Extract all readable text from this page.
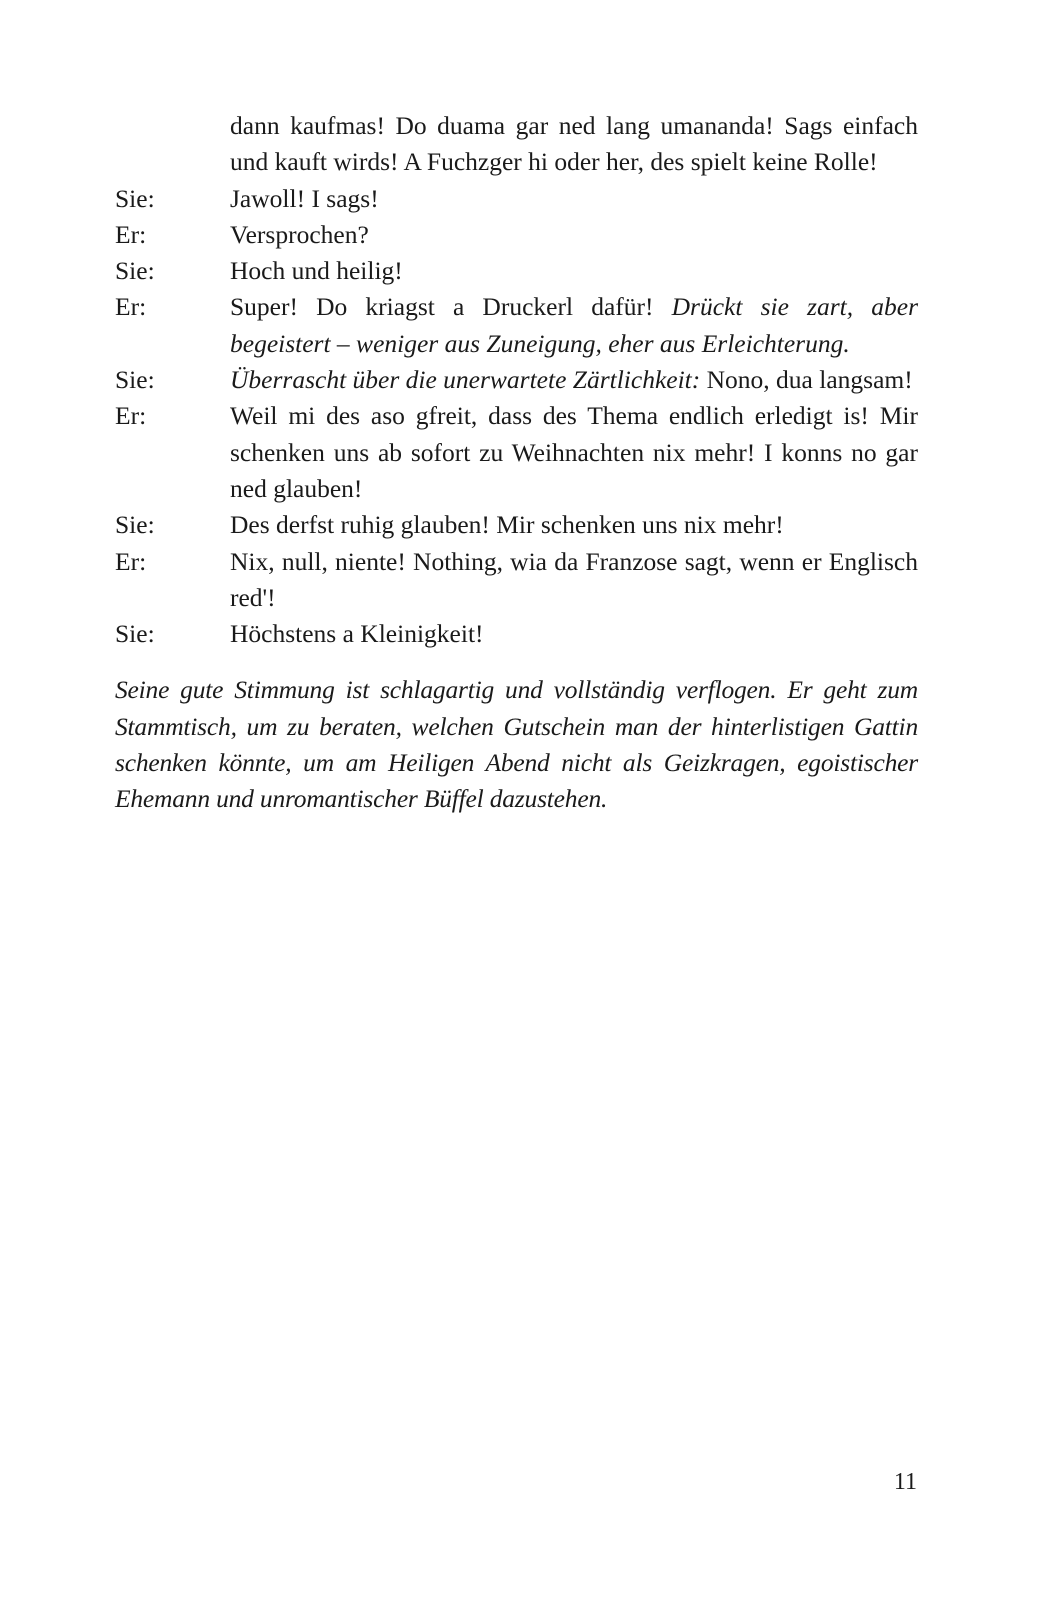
dann kaufmas! Do duama gar ned lang umananda! Sags einfach und kauft wirds! A Fuchzger hi oder her, des spielt keine Rolle!
Sie:	Jawoll! I sags!
Er:	Versprochen?
Sie:	Hoch und heilig!
Er:	Super! Do kriagst a Druckerl dafür! Drückt sie zart, aber begeistert – weniger aus Zuneigung, eher aus Erleichterung.
Sie:	Überrascht über die unerwartete Zärtlichkeit: Nono, dua langsam!
Er:	Weil mi des aso gfreit, dass des Thema endlich erledigt is! Mir schenken uns ab sofort zu Weihnachten nix mehr! I konns no gar ned glauben!
Sie:	Des derfst ruhig glauben! Mir schenken uns nix mehr!
Er:	Nix, null, niente! Nothing, wia da Franzose sagt, wenn er Englisch red'!
Sie:	Höchstens a Kleinigkeit!

Seine gute Stimmung ist schlagartig und vollständig verflogen. Er geht zum Stammtisch, um zu beraten, welchen Gutschein man der hinterlistigen Gattin schenken könnte, um am Heiligen Abend nicht als Geizkragen, egoistischer Ehemann und unromantischer Büffel dazustehen.

11
